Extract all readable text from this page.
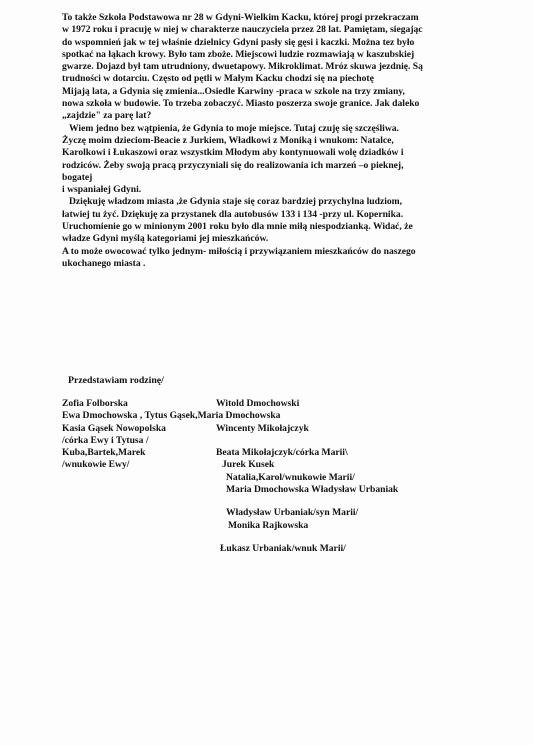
To także Szkoła Podstawowa nr 28 w Gdyni-Wielkim Kacku, której progi przekraczam
w 1972 roku i pracuję w niej w charakterze nauczyciela przez 28 lat. Pamiętam, siegając
do wspomnień jak w tej właśnie dzielnicy Gdyni pasły się gęsi i kaczki. Można tez było
spotkać na łąkach krowy. Było tam zboże. Miejscowi ludzie rozmawiają w kaszubskiej
gwarze. Dojazd był tam utrudniony, dwuetapowy. Mikroklimat. Mróz skuwa jezdnię. Są
trudności w dotarciu. Często od pętli w Małym Kacku chodzi się na piechotę
Mijają lata, a Gdynia się zmienia...Osiedle Karwiny -praca w szkole na trzy zmiany,
nowa szkoła w budowie. To trzeba zobaczyć. Miasto poszerza swoje granice. Jak daleko
„zajdzie" za parę lat?
Wiem jedno bez wątpienia, że Gdynia to moje miejsce. Tutaj czuję się szczęśliwa.
Życzę moim dzieciom-Beacie z Jurkiem, Władkowi z Moniką i wnukom: Natalce,
Karolkowi i Łukaszowi oraz wszystkim Młodym aby kontynuowali wolę dziadków i
rodziców. Żeby swoją pracą przyczyniali się do realizowania ich marzeń –o pieknej,
bogatej
i wspaniałej Gdyni.
Dziękuję władzom miasta ,że Gdynia staje się coraz bardziej przychylna ludziom,
łatwiej tu żyć. Dziękuję za przystanek dla autobusów 133 i 134 -przy ul. Kopernika.
Uruchomienie go w minionym 2001 roku było dla mnie miłą niespodzianką. Widać, że
władze Gdyni myślą kategoriami jej mieszkańców.
A to może owocować tylko jednym- miłością i przywiązaniem mieszkańców do naszego
ukochanego miasta .

Przedstawiam rodzinę/
Zofia Folborska
Ewa Dmochowska , Tytus Gąsek,Maria Dmochowska
Kasia Gąsek Nowopolska
/córka Ewy i Tytusa /
Kuba,Bartek,Marek
/wnukowie Ewy/
Witold Dmochowski

Wincenty Mikołajczyk

Beata Mikołajczyk/córka Marii\
Jurek Kusek
Natalia,Karol/wnukowie Marii/
Maria Dmochowska Władysław Urbaniak
Władysław Urbaniak/syn Marii/
Monika Rajkowska
Łukasz Urbaniak/wnuk Marii/
